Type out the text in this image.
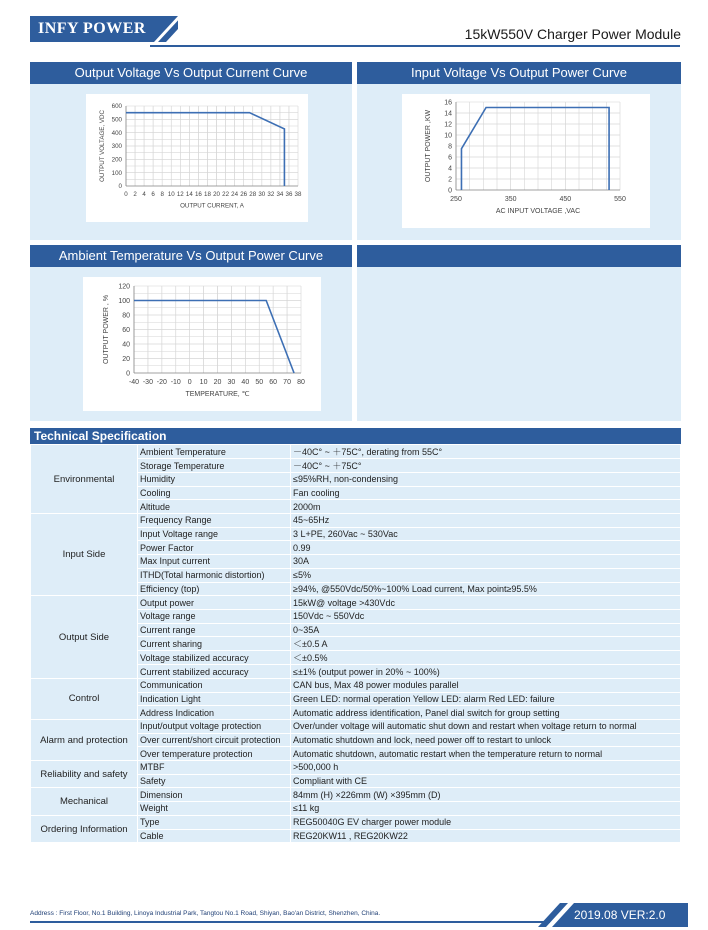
INFY POWER	15kW550V Charger Power Module
Output Voltage Vs Output Current Curve
0 2 4 6 8 10 12 14 16 18 20 22 24 26 28 30 32 34 36 38
0
100
200
300
400
500
600
OUTPUT CURRENT, A
OUTPUT VOLTAGE, VDC
Input Voltage Vs Output Power Curve
250	350	450	550
0
2
4
6
8
10
12
14
16
AC INPUT VOLTAGE ,VAC
OUTPUT POWER ,KW
Ambient Temperature Vs Output Power Curve
-40 -30 -20 -10 0 10 20 30 40 50 60 70 80
0
20
40
60
80
100
120
TEMPERATURE, ℃
OUTPUT POWER , %
Technical Specification
Environmental	Ambient Temperature	－40C° ~ ＋75C°, derating from 55C°
	Storage Temperature	－40C° ~ ＋75C°
	Humidity	≤95%RH, non-condensing
	Cooling	Fan cooling
	Altitude	2000m
Input Side	Frequency Range	45~65Hz
	Input Voltage range	3 L+PE, 260Vac ~ 530Vac
	Power Factor	0.99
	Max Input current	30A
	ITHD(Total harmonic distortion)	≤5%
	Efficiency (top)	≥94%, @550Vdc/50%~100% Load current, Max point≥95.5%
Output Side	Output power	15kW@ voltage >430Vdc
	Voltage range	150Vdc ~ 550Vdc
	Current range	0~35A
	Current sharing	＜±0.5 A
	Voltage stabilized accuracy	＜±0.5%
	Current stabilized accuracy	≤±1% (output power in 20% ~ 100%)
Control	Communication	CAN bus, Max 48 power modules parallel
	Indication Light	Green LED: normal operation Yellow LED: alarm Red LED: failure
	Address Indication	Automatic address identification, Panel dial switch for group setting
Alarm and protection	Input/output voltage protection	Over/under voltage will automatic shut down and restart when voltage return to normal
	Over current/short circuit protection	Automatic shutdown and lock, need power off to restart to unlock
	Over temperature protection	Automatic shutdown, automatic restart when the temperature return to normal
Reliability and safety	MTBF	>500,000 h
	Safety	Compliant with CE
Mechanical	Dimension	84mm (H) ×226mm (W) ×395mm (D)
	Weight	≤11 kg
Ordering Information	Type	REG50040G EV charger power module
	Cable	REG20KW11 , REG20KW22
Address : First Floor, No.1 Building, Linoya Industrial Park, Tangtou No.1 Road, Shiyan, Bao'an District, Shenzhen, China.	2019.08 VER:2.0
